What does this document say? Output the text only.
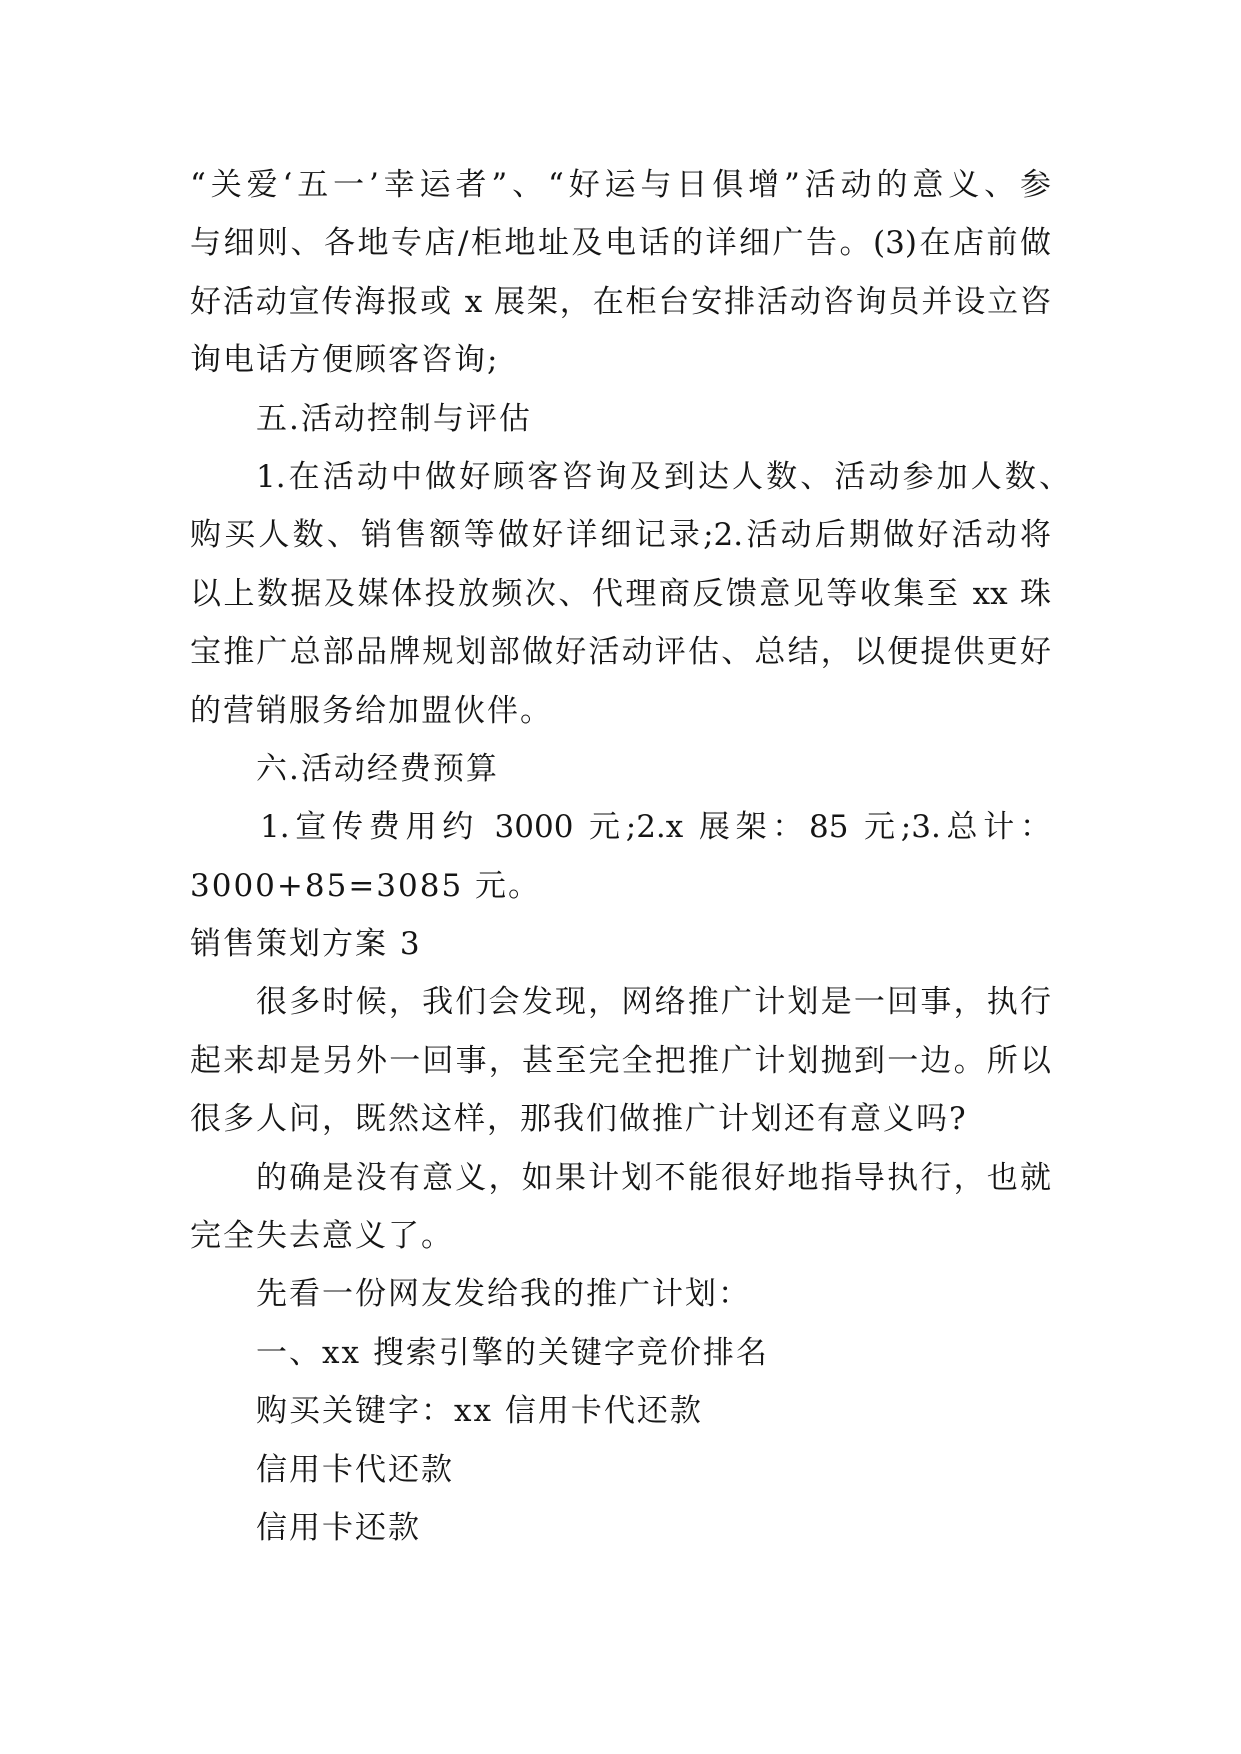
“关爱‘五一’幸运者”、“好运与日俱增”活动的意义、参
与细则、各地专店/柜地址及电话的详细广告。(3)在店前做
好活动宣传海报或 x 展架，在柜台安排活动咨询员并设立咨
询电话方便顾客咨询;
五.活动控制与评估
1.在活动中做好顾客咨询及到达人数、活动参加人数、
购买人数、销售额等做好详细记录;2.活动后期做好活动将
以上数据及媒体投放频次、代理商反馈意见等收集至 xx 珠
宝推广总部品牌规划部做好活动评估、总结，以便提供更好
的营销服务给加盟伙伴。
六.活动经费预算
1.宣传费用约 3000 元;2.x 展架：85 元;3.总计：
3000+85=3085 元。
销售策划方案 3
很多时候，我们会发现，网络推广计划是一回事，执行
起来却是另外一回事，甚至完全把推广计划抛到一边。所以
很多人问，既然这样，那我们做推广计划还有意义吗?
的确是没有意义，如果计划不能很好地指导执行，也就
完全失去意义了。
先看一份网友发给我的推广计划：
一、xx 搜索引擎的关键字竞价排名
购买关键字：xx 信用卡代还款
信用卡代还款
信用卡还款
